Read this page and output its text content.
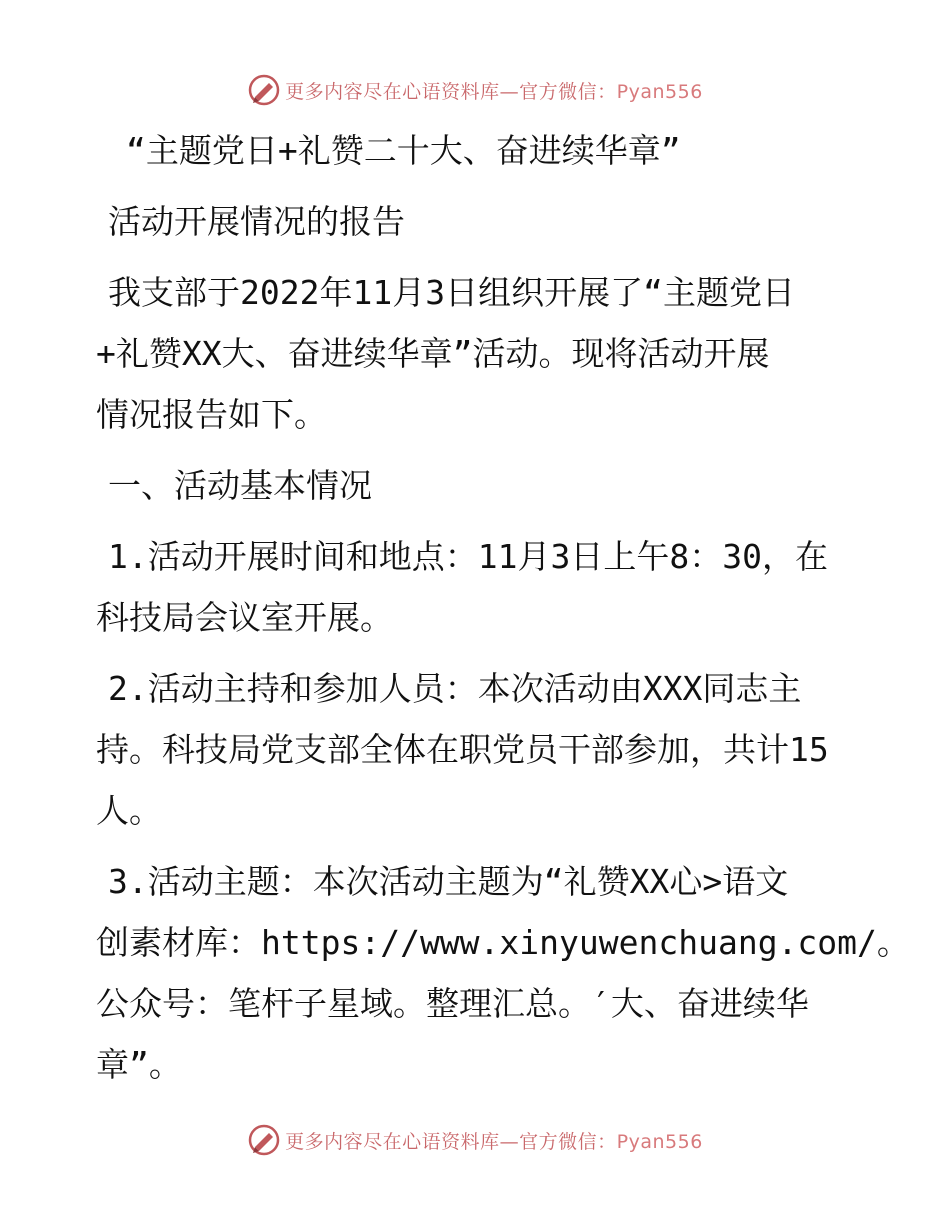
更多内容尽在心语资料库—官方微信：Pyan556
“主题党日+礼赞二十大、奋进续华章”
活动开展情况的报告
我支部于2022年11月3日组织开展了“主题党日
+礼赞XX大、奋进续华章”活动。现将活动开展
情况报告如下。
一、活动基本情况
1.活动开展时间和地点：11月3日上午8：30，在
科技局会议室开展。
2.活动主持和参加人员：本次活动由XXX同志主
持。科技局党支部全体在职党员干部参加，共计15
人。
3.活动主题：本次活动主题为“礼赞XX心>语文
创素材库：https://www.xinyuwenchuang.com/。
公众号：笔杆子星域。整理汇总。′大、奋进续华
章”。
更多内容尽在心语资料库—官方微信：Pyan556
